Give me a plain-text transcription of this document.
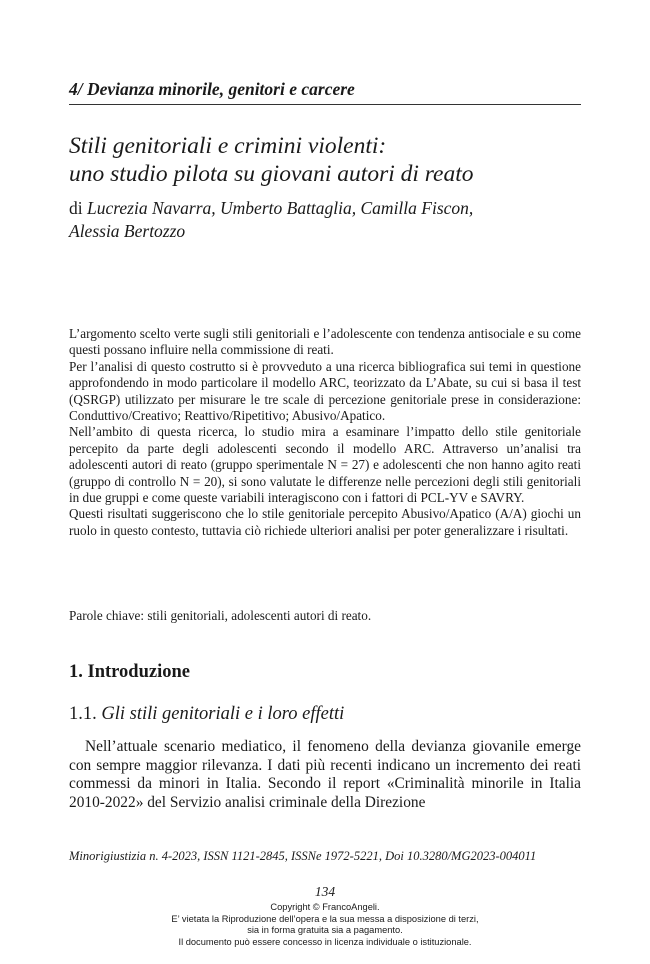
4/ Devianza minorile, genitori e carcere
Stili genitoriali e crimini violenti:
uno studio pilota su giovani autori di reato
di Lucrezia Navarra, Umberto Battaglia, Camilla Fiscon,
Alessia Bertozzo

L’argomento scelto verte sugli stili genitoriali e l’adolescente con tendenza antisociale e su come questi possano influire nella commissione di reati.

Per l’analisi di questo costrutto si è provveduto a una ricerca bibliografica sui temi in questione approfondendo in modo particolare il modello ARC, teorizzato da L’Abate, su cui si basa il test (QSRGP) utilizzato per misurare le tre scale di percezione genitoriale prese in considerazione: Conduttivo/Creativo; Reattivo/Ripetitivo; Abusivo/Apatico.

Nell’ambito di questa ricerca, lo studio mira a esaminare l’impatto dello stile genitoriale percepito da parte degli adolescenti secondo il modello ARC. Attraverso un’analisi tra adolescenti autori di reato (gruppo sperimentale N = 27) e adolescenti che non hanno agito reati (gruppo di controllo N = 20), si sono valutate le differenze nelle percezioni degli stili genitoriali in due gruppi e come queste variabili interagiscono con i fattori di PCL-YV e SAVRY.

Questi risultati suggeriscono che lo stile genitoriale percepito Abusivo/Apatico (A/A) giochi un ruolo in questo contesto, tuttavia ciò richiede ulteriori analisi per poter generalizzare i risultati.

Parole chiave: stili genitoriali, adolescenti autori di reato.
1. Introduzione
1.1. Gli stili genitoriali e i loro effetti
Nell’attuale scenario mediatico, il fenomeno della devianza giovanile emerge con sempre maggior rilevanza. I dati più recenti indicano un incremento dei reati commessi da minori in Italia. Secondo il report «Criminalità minorile in Italia 2010-2022» del Servizio analisi criminale della Direzione
Minorigiustizia n. 4-2023, ISSN 1121-2845, ISSNe 1972-5221, Doi 10.3280/MG2023-004011
134
Copyright © FrancoAngeli.
E’ vietata la Riproduzione dell’opera e la sua messa a disposizione di terzi,
sia in forma gratuita sia a pagamento.
Il documento può essere concesso in licenza individuale o istituzionale.
